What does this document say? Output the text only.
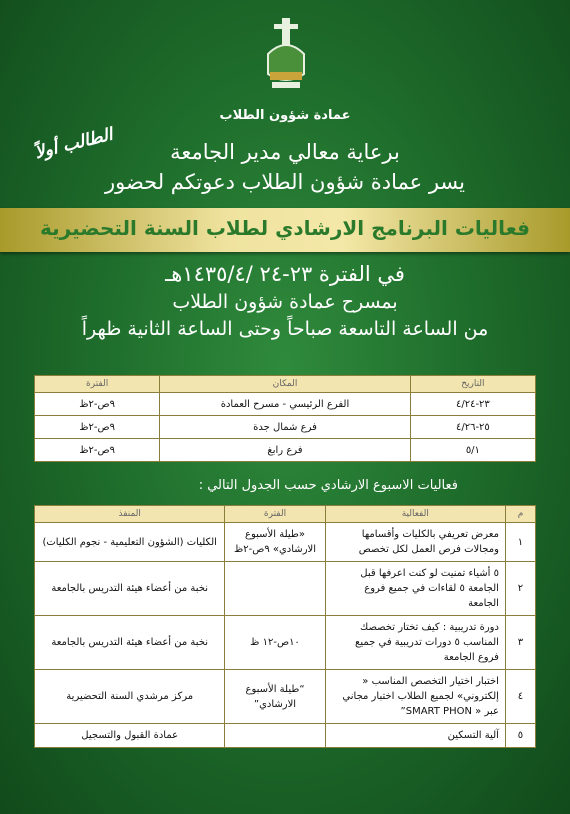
عمادة شؤون الطلاب
الطالب أولاً	برعاية معالي مدير الجامعة
يسر عمادة شؤون الطلاب دعوتكم لحضور
فعاليات البرنامج الارشادي لطلاب السنة التحضيرية
في الفترة ٢٣-٢٤ /١٤٣٥/٤هـ
بمسرح عمادة شؤون الطلاب
من الساعة التاسعة صباحاً وحتى الساعة الثانية ظهراً
التاريخ	المكان	الفترة
٢٣-٤/٢٤	الفرع الرئيسي - مسرح العمادة	٩ص-٢ظ
٢٥-٤/٢٦	فرع شمال جدة	٩ص-٢ظ
٥/١	فرع رابغ	٩ص-٢ظ
فعاليات الاسبوع الارشادي حسب الجدول التالي :
م	الفعالية	الفترة	المنفذ
١	معرض تعريفي بالكليات وأقسامها ومجالات فرص العمل لكل تخصص	«طيلة الأسبوع الارشادي» ٩ص-٢ظ	الكليات (الشؤون التعليمية - نجوم الكليات)
٢	٥ أشياء تمنيت لو كنت اعرفها قبل الجامعة ٥ لقاءات في جميع فروع الجامعة		نخبة من أعضاء هيئة التدريس بالجامعة
٣	دورة تدريبية : كيف تختار تخصصك المناسب ٥ دورات تدريبية في جميع فروع الجامعة	١٠ص-١٢ ظ	نخبة من أعضاء هيئة التدريس بالجامعة
٤	اختبار اختيار التخصص المناسب « إلكتروني» لجميع الطلاب اختبار مجاني عبر « SMART PHON”	“طيلة الأسبوع الارشادي”	مركز مرشدي السنة التحضيرية
٥	آلية التسكين		عمادة القبول والتسجيل
